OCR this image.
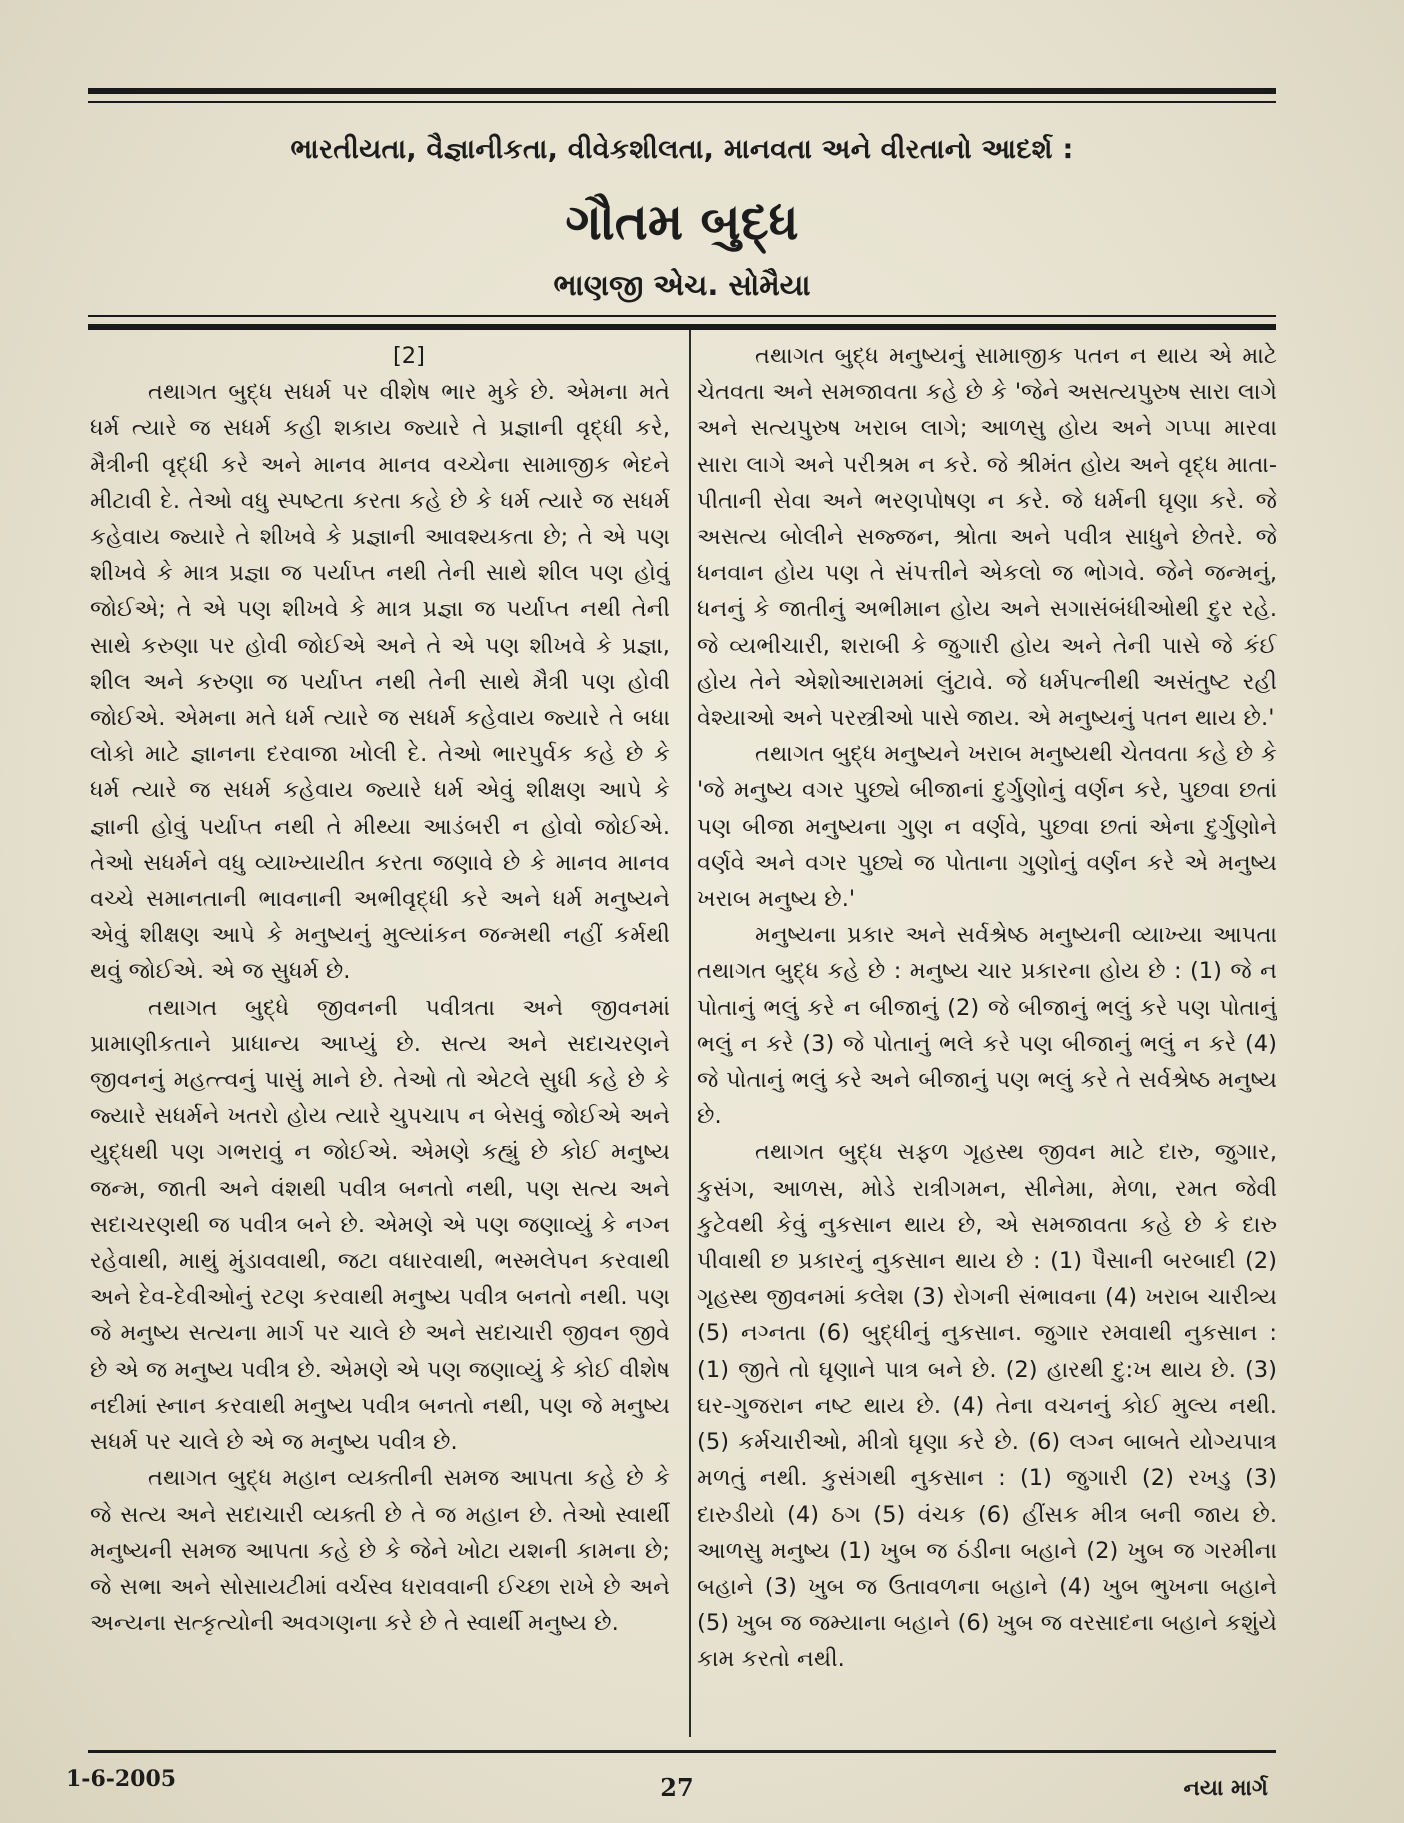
ભારતીયતા, વૈજ્ઞાનીકતા, વીવેકશીલતા, માનવતા અને વીરતાનો આદર્શ :
ગૌતમ બુદ્ધ
ભાણજી એચ. સોમૈયા

[2]

તથાગત બુદ્ધ સધર્મ પર વીશેષ ભાર મુકે છે. એમના મતે ધર્મ ત્યારે જ સધર્મ કહી શકાય જ્યારે તે પ્રજ્ઞાની વૃદ્ધી કરે, મૈત્રીની વૃદ્ધી કરે અને માનવ માનવ વચ્ચેના સામાજીક ભેદને મીટાવી દે. તેઓ વધુ સ્પષ્ટતા કરતા કહે છે કે ધર્મ ત્યારે જ સધર્મ કહેવાય જ્યારે તે શીખવે કે પ્રજ્ઞાની આવશ્યકતા છે; તે એ પણ શીખવે કે માત્ર પ્રજ્ઞા જ પર્યાપ્ત નથી તેની સાથે શીલ પણ હોવું જોઈએ; તે એ પણ શીખવે કે માત્ર પ્રજ્ઞા જ પર્યાપ્ત નથી તેની સાથે કરુણા પર હોવી જોઈએ અને તે એ પણ શીખવે કે પ્રજ્ઞા, શીલ અને કરુણા જ પર્યાપ્ત નથી તેની સાથે મૈત્રી પણ હોવી જોઈએ. એમના મતે ધર્મ ત્યારે જ સધર્મ કહેવાય જ્યારે તે બધા લોકો માટે જ્ઞાનના દરવાજા ખોલી દે. તેઓ ભારપુર્વક કહે છે કે ધર્મ ત્યારે જ સધર્મ કહેવાય જ્યારે ધર્મ એવું શીક્ષણ આપે કે જ્ઞાની હોવું પર્યાપ્ત નથી તે મીથ્યા આડંબરી ન હોવો જોઈએ. તેઓ સધર્મને વધુ વ્યાખ્યાયીત કરતા જણાવે છે કે માનવ માનવ વચ્ચે સમાનતાની ભાવનાની અભીવૃદ્ધી કરે અને ધર્મ મનુષ્યને એવું શીક્ષણ આપે કે મનુષ્યનું મુલ્યાંકન જન્મથી નહીં કર્મથી થવું જોઈએ. એ જ સુધર્મ છે.

તથાગત બુદ્ધે જીવનની પવીત્રતા અને જીવનમાં પ્રામાણીકતાને પ્રાધાન્ય આપ્યું છે. સત્ય અને સદાચરણને જીવનનું મહત્ત્વનું પાસું માને છે. તેઓ તો એટલે સુધી કહે છે કે જ્યારે સધર્મને ખતરો હોય ત્યારે ચુપચાપ ન બેસવું જોઈએ અને યુદ્ધથી પણ ગભરાવું ન જોઈએ. એમણે કહ્યું છે કોઈ મનુષ્ય જન્મ, જાતી અને વંશથી પવીત્ર બનતો નથી, પણ સત્ય અને સદાચરણથી જ પવીત્ર બને છે. એમણે એ પણ જણાવ્યું કે નગ્ન રહેવાથી, માથું મુંડાવવાથી, જટા વધારવાથી, ભસ્મલેપન કરવાથી અને દેવ-દેવીઓનું રટણ કરવાથી મનુષ્ય પવીત્ર બનતો નથી. પણ જે મનુષ્ય સત્યના માર્ગ પર ચાલે છે અને સદાચારી જીવન જીવે છે એ જ મનુષ્ય પવીત્ર છે. એમણે એ પણ જણાવ્યું કે કોઈ વીશેષ નદીમાં સ્નાન કરવાથી મનુષ્ય પવીત્ર બનતો નથી, પણ જે મનુષ્ય સધર્મ પર ચાલે છે એ જ મનુષ્ય પવીત્ર છે.

તથાગત બુદ્ધ મહાન વ્યક્તીની સમજ આપતા કહે છે કે જે સત્ય અને સદાચારી વ્યક્તી છે તે જ મહાન છે. તેઓ સ્વાર્થી મનુષ્યની સમજ આપતા કહે છે કે જેને ખોટા યશની કામના છે; જે સભા અને સોસાયટીમાં વર્ચસ્વ ધરાવવાની ઈચ્છા રાખે છે અને અન્યના સત્કૃત્યોની અવગણના કરે છે તે સ્વાર્થી મનુષ્ય છે.

તથાગત બુદ્ધ મનુષ્યનું સામાજીક પતન ન થાય એ માટે ચેતવતા અને સમજાવતા કહે છે કે 'જેને અસત્યપુરુષ સારા લાગે અને સત્યપુરુષ ખરાબ લાગે; આળસુ હોય અને ગપ્પા મારવા સારા લાગે અને પરીશ્રમ ન કરે. જે શ્રીમંત હોય અને વૃદ્ધ માતા-પીતાની સેવા અને ભરણપોષણ ન કરે. જે ધર્મની ઘૃણા કરે. જે અસત્ય બોલીને સજ્જન, શ્રોતા અને પવીત્ર સાધુને છેતરે. જે ધનવાન હોય પણ તે સંપત્તીને એકલો જ ભોગવે. જેને જન્મનું, ધનનું કે જાતીનું અભીમાન હોય અને સગાસંબંધીઓથી દુર રહે. જે વ્યભીચારી, શરાબી કે જુગારી હોય અને તેની પાસે જે કંઈ હોય તેને એશોઆરામમાં લુંટાવે. જે ધર્મપત્નીથી અસંતુષ્ટ રહી વેશ્યાઓ અને પરસ્ત્રીઓ પાસે જાય. એ મનુષ્યનું પતન થાય છે.'

તથાગત બુદ્ધ મનુષ્યને ખરાબ મનુષ્યથી ચેતવતા કહે છે કે 'જે મનુષ્ય વગર પુછ્યે બીજાનાં દુર્ગુણોનું વર્ણન કરે, પુછવા છતાં પણ બીજા મનુષ્યના ગુણ ન વર્ણવે, પુછવા છતાં એના દુર્ગુણોને વર્ણવે અને વગર પુછ્યે જ પોતાના ગુણોનું વર્ણન કરે એ મનુષ્ય ખરાબ મનુષ્ય છે.'

મનુષ્યના પ્રકાર અને સર્વશ્રેષ્ઠ મનુષ્યની વ્યાખ્યા આપતા તથાગત બુદ્ધ કહે છે : મનુષ્ય ચાર પ્રકારના હોય છે : (1) જે ન પોતાનું ભલું કરે ન બીજાનું (2) જે બીજાનું ભલું કરે પણ પોતાનું ભલું ન કરે (3) જે પોતાનું ભલે કરે પણ બીજાનું ભલું ન કરે (4) જે પોતાનું ભલું કરે અને બીજાનું પણ ભલું કરે તે સર્વશ્રેષ્ઠ મનુષ્ય છે.

તથાગત બુદ્ધ સફળ ગૃહસ્થ જીવન માટે દારુ, જુગાર, કુસંગ, આળસ, મોડે રાત્રીગમન, સીનેમા, મેળા, રમત જેવી કુટેવથી કેવું નુકસાન થાય છે, એ સમજાવતા કહે છે કે દારુ પીવાથી છ પ્રકારનું નુકસાન થાય છે : (1) પૈસાની બરબાદી (2) ગૃહસ્થ જીવનમાં કલેશ (3) રોગની સંભાવના (4) ખરાબ ચારીત્ર્ય (5) નગ્નતા (6) બુદ્ધીનું નુકસાન. જુગાર રમવાથી નુકસાન : (1) જીતે તો ઘૃણાને પાત્ર બને છે. (2) હારથી દુ:ખ થાય છે. (3) ઘર-ગુજરાન નષ્ટ થાય છે. (4) તેના વચનનું કોઈ મુલ્ય નથી. (5) કર્મચારીઓ, મીત્રો ઘૃણા કરે છે. (6) લગ્ન બાબતે યોગ્યપાત્ર મળતું નથી. કુસંગથી નુકસાન : (1) જુગારી (2) રખડુ (3) દારુડીયો (4) ઠગ (5) વંચક (6) હીંસક મીત્ર બની જાય છે. આળસુ મનુષ્ય (1) ખુબ જ ઠંડીના બહાને (2) ખુબ જ ગરમીના બહાને (3) ખુબ જ ઉતાવળના બહાને (4) ખુબ ભુખના બહાને (5) ખુબ જ જમ્યાના બહાને (6) ખુબ જ વરસાદના બહાને કશુંયે કામ કરતો નથી.

1-6-2005	27	નયા માર્ગ
